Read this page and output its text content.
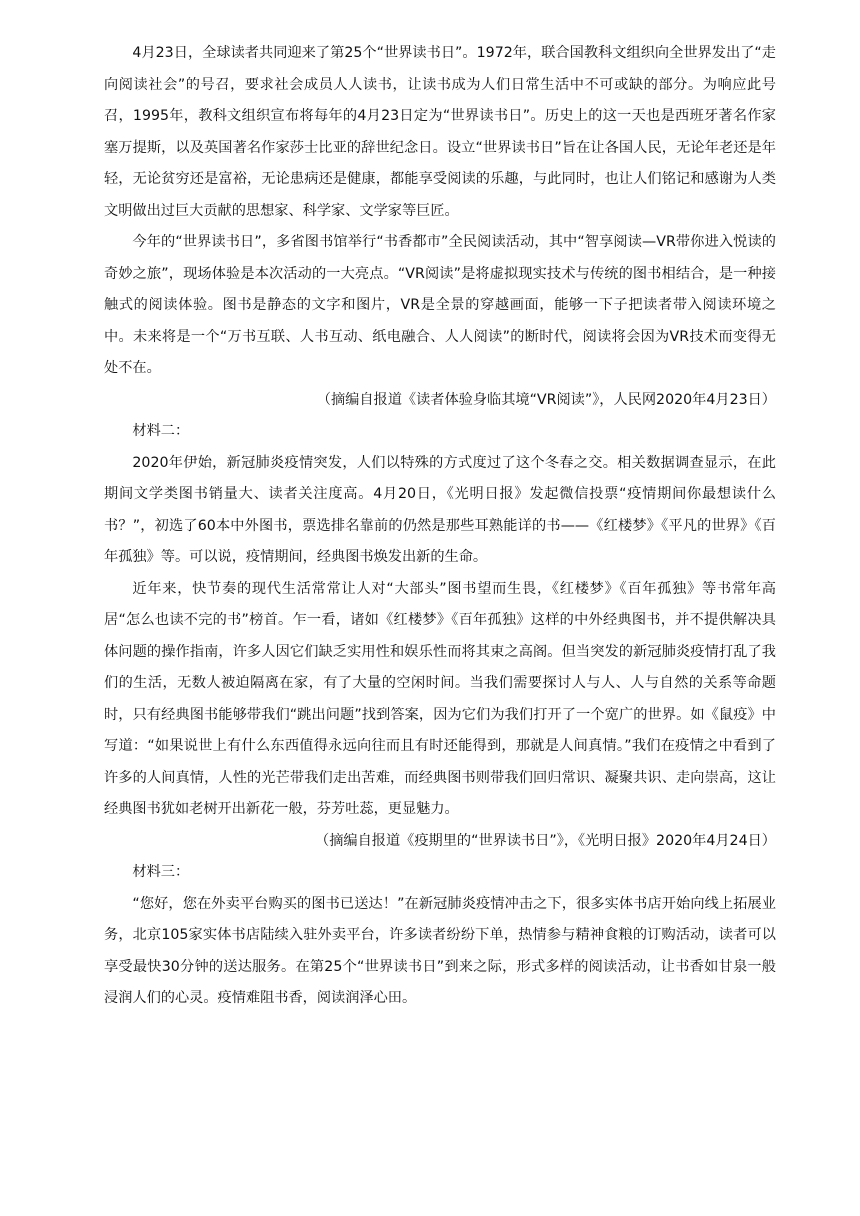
4月23日，全球读者共同迎来了第25个“世界读书日”。1972年，联合国教科文组织向全世界发出了“走向阅读社会”的号召，要求社会成员人人读书，让读书成为人们日常生活中不可或缺的部分。为响应此号召，1995年，教科文组织宣布将每年的4月23日定为“世界读书日”。历史上的这一天也是西班牙著名作家塞万提斯，以及英国著名作家莎士比亚的辞世纪念日。设立“世界读书日”旨在让各国人民，无论年老还是年轻，无论贫穷还是富裕，无论患病还是健康，都能享受阅读的乐趣，与此同时，也让人们铭记和感谢为人类文明做出过巨大贡献的思想家、科学家、文学家等巨匠。

今年的“世界读书日”，多省图书馆举行“书香都市”全民阅读活动，其中“智享阅读—VR带你进入悦读的奇妙之旅”，现场体验是本次活动的一大亮点。“VR阅读”是将虚拟现实技术与传统的图书相结合，是一种接触式的阅读体验。图书是静态的文字和图片，VR是全景的穿越画面，能够一下子把读者带入阅读环境之中。未来将是一个“万书互联、人书互动、纸电融合、人人阅读”的断时代，阅读将会因为VR技术而变得无处不在。

（摘编自报道《读者体验身临其境“VR阅读”》，人民网2020年4月23日）

材料二：

2020年伊始，新冠肺炎疫情突发，人们以特殊的方式度过了这个冬春之交。相关数据调查显示，在此期间文学类图书销量大、读者关注度高。4月20日，《光明日报》发起微信投票“疫情期间你最想读什么书？”，初选了60本中外图书，票选排名靠前的仍然是那些耳熟能详的书——《红楼梦》《平凡的世界》《百年孤独》等。可以说，疫情期间，经典图书焕发出新的生命。

近年来，快节奏的现代生活常常让人对“大部头”图书望而生畏，《红楼梦》《百年孤独》等书常年高居“怎么也读不完的书”榜首。乍一看，诸如《红楼梦》《百年孤独》这样的中外经典图书，并不提供解决具体问题的操作指南，许多人因它们缺乏实用性和娱乐性而将其束之高阁。但当突发的新冠肺炎疫情打乱了我们的生活，无数人被迫隔离在家，有了大量的空闲时间。当我们需要探讨人与人、人与自然的关系等命题时，只有经典图书能够带我们“跳出问题”找到答案，因为它们为我们打开了一个宽广的世界。如《鼠疫》中写道：“如果说世上有什么东西值得永远向往而且有时还能得到，那就是人间真情。”我们在疫情之中看到了许多的人间真情，人性的光芒带我们走出苦难，而经典图书则带我们回归常识、凝聚共识、走向崇高，这让经典图书犹如老树开出新花一般，芬芳吐蕊，更显魅力。

（摘编自报道《疫期里的“世界读书日”》，《光明日报》2020年4月24日）

材料三：

“您好，您在外卖平台购买的图书已送达！”在新冠肺炎疫情冲击之下，很多实体书店开始向线上拓展业务，北京105家实体书店陆续入驻外卖平台，许多读者纷纷下单，热情参与精神食粮的订购活动，读者可以享受最快30分钟的送达服务。在第25个“世界读书日”到来之际，形式多样的阅读活动，让书香如甘泉一般浸润人们的心灵。疫情难阻书香，阅读润泽心田。
